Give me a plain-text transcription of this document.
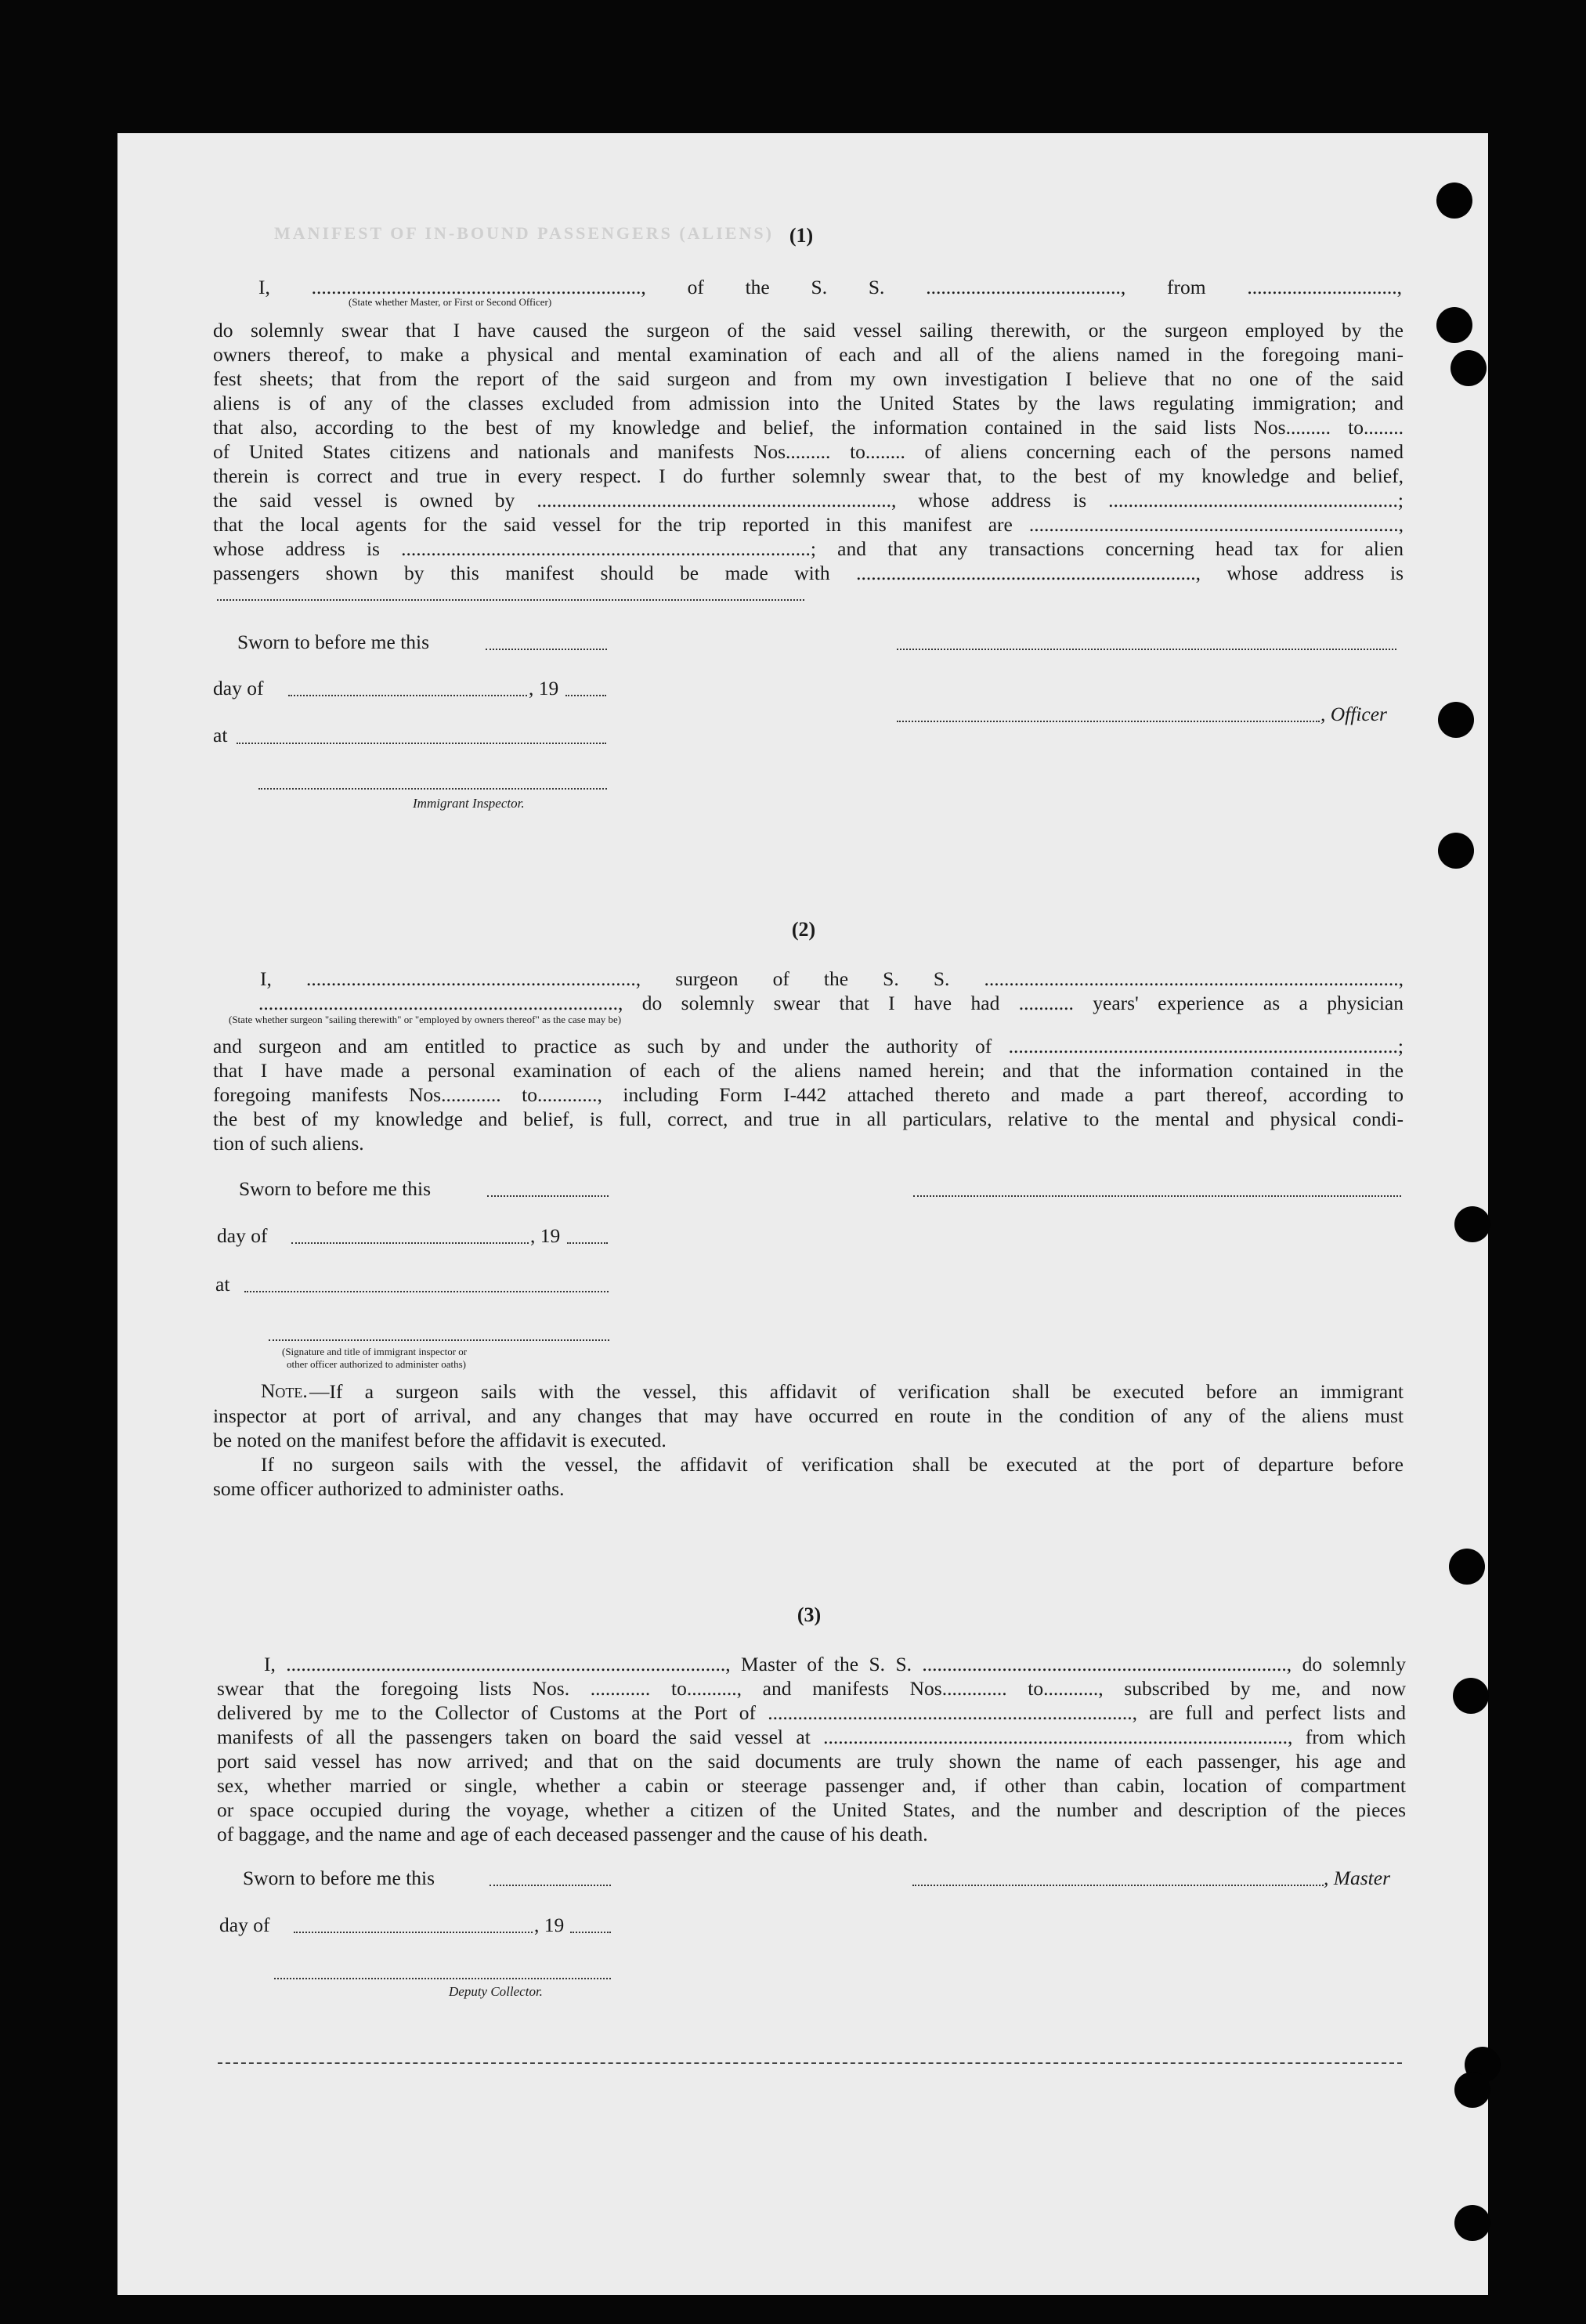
MANIFEST OF IN-BOUND PASSENGERS (ALIENS) (1)
I, .................................................................., of the S. S. ......................................., from ..............................,
(State whether Master, or First or Second Officer)
do solemnly swear that I have caused the surgeon of the said vessel sailing therewith, or the surgeon employed by the
owners thereof, to make a physical and mental examination of each and all of the aliens named in the foregoing mani-
fest sheets; that from the report of the said surgeon and from my own investigation I believe that no one of the said
aliens is of any of the classes excluded from admission into the United States by the laws regulating immigration; and
that also, according to the best of my knowledge and belief, the information contained in the said lists Nos......... to........
of United States citizens and nationals and manifests Nos......... to........ of aliens concerning each of the persons named
therein is correct and true in every respect. I do further solemnly swear that, to the best of my knowledge and belief,
the said vessel is owned by ......................................................................., whose address is ..........................................................;
that the local agents for the said vessel for the trip reported in this manifest are ..........................................................................,
whose address is ..................................................................................; and that any transactions concerning head tax for alien
passengers shown by this manifest should be made with ...................................................................., whose address is
Sworn to before me this
day of	, 19
, Officer
at
Immigrant Inspector.
(2)
I, .................................................................., surgeon of the S. S. ...................................................................................,
........................................................................, do solemnly swear that I have had ........... years' experience as a physician
(State whether surgeon "sailing therewith" or "employed by owners thereof" as the case may be)
and surgeon and am entitled to practice as such by and under the authority of ..............................................................................;
that I have made a personal examination of each of the aliens named herein; and that the information contained in the
foregoing manifests Nos............ to............, including Form I-442 attached thereto and made a part thereof, according to
the best of my knowledge and belief, is full, correct, and true in all particulars, relative to the mental and physical condi-
tion of such aliens.
Sworn to before me this
day of	, 19
at
(Signature and title of immigrant inspector or
other officer authorized to administer oaths)
Note. —If a surgeon sails with the vessel, this affidavit of verification shall be executed before an immigrant
inspector at port of arrival, and any changes that may have occurred en route in the condition of any of the aliens must
be noted on the manifest before the affidavit is executed.
If no surgeon sails with the vessel, the affidavit of verification shall be executed at the port of departure before
some officer authorized to administer oaths.
(3)
I, ........................................................................................, Master of the S. S. ........................................................................., do solemnly
swear that the foregoing lists Nos. ............ to.........., and manifests Nos............. to..........., subscribed by me, and now
delivered by me to the Collector of Customs at the Port of ........................................................................., are full and perfect lists and
manifests of all the passengers taken on board the said vessel at ............................................................................................., from which
port said vessel has now arrived; and that on the said documents are truly shown the name of each passenger, his age and
sex, whether married or single, whether a cabin or steerage passenger and, if other than cabin, location of compartment
or space occupied during the voyage, whether a citizen of the United States, and the number and description of the pieces
of baggage, and the name and age of each deceased passenger and the cause of his death.
Sworn to before me this	, Master
day of	, 19
Deputy Collector.
